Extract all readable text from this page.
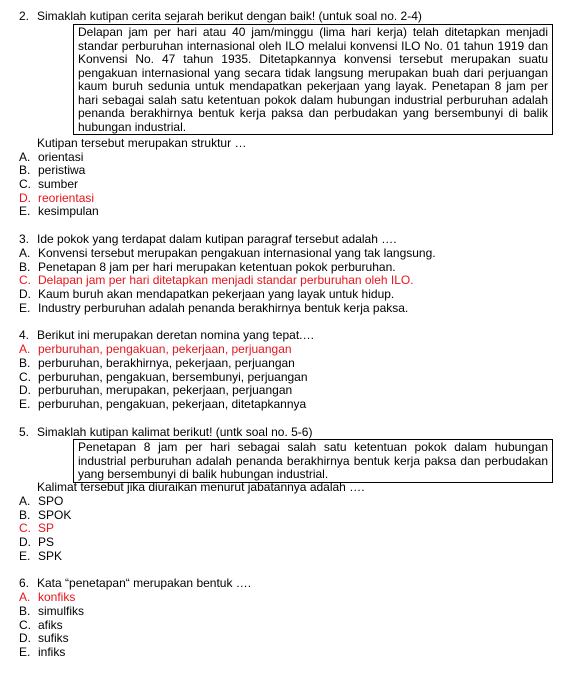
2. Simaklah kutipan cerita sejarah berikut dengan baik! (untuk soal no. 2-4)

Delapan jam per hari atau 40 jam/minggu (lima hari kerja) telah ditetapkan menjadi standar perburuhan internasional oleh ILO melalui konvensi ILO No. 01 tahun 1919 dan Konvensi No. 47 tahun 1935. Ditetapkannya konvensi tersebut merupakan suatu pengakuan internasional yang secara tidak langsung merupakan buah dari perjuangan kaum buruh sedunia untuk mendapatkan pekerjaan yang layak. Penetapan 8 jam per hari sebagai salah satu ketentuan pokok dalam hubungan industrial perburuhan adalah penanda berakhirnya bentuk kerja paksa dan perbudakan yang bersembunyi di balik hubungan industrial.

Kutipan tersebut merupakan struktur …
A. orientasi
B. peristiwa
C. sumber
D. reorientasi
E. kesimpulan
3. Ide pokok yang terdapat dalam kutipan paragraf tersebut adalah ….
A. Konvensi tersebut merupakan pengakuan internasional yang tak langsung.
B. Penetapan 8 jam per hari merupakan ketentuan pokok perburuhan.
C. Delapan jam per hari ditetapkan menjadi standar perburuhan oleh ILO.
D. Kaum buruh akan mendapatkan pekerjaan yang layak untuk hidup.
E. Industry perburuhan adalah penanda berakhirnya bentuk kerja paksa.
4. Berikut ini merupakan deretan nomina yang tepat.…
A. perburuhan, pengakuan, pekerjaan, perjuangan
B. perburuhan, berakhirnya, pekerjaan, perjuangan
C. perburuhan, pengakuan, bersembunyi, perjuangan
D. perburuhan, merupakan, pekerjaan, perjuangan
E. perburuhan, pengakuan, pekerjaan, ditetapkannya
5. Simaklah kutipan kalimat berikut! (untk soal no. 5-6)

Penetapan 8 jam per hari sebagai salah satu ketentuan pokok dalam hubungan industrial perburuhan adalah penanda berakhirnya bentuk kerja paksa dan perbudakan yang bersembunyi di balik hubungan industrial.

Kalimat tersebut jika diuraikan menurut jabatannya adalah ….
A. SPO
B. SPOK
C. SP
D. PS
E. SPK
6. Kata “penetapan“ merupakan bentuk ….
A. konfiks
B. simulfiks
C. afiks
D. sufiks
E. infiks
